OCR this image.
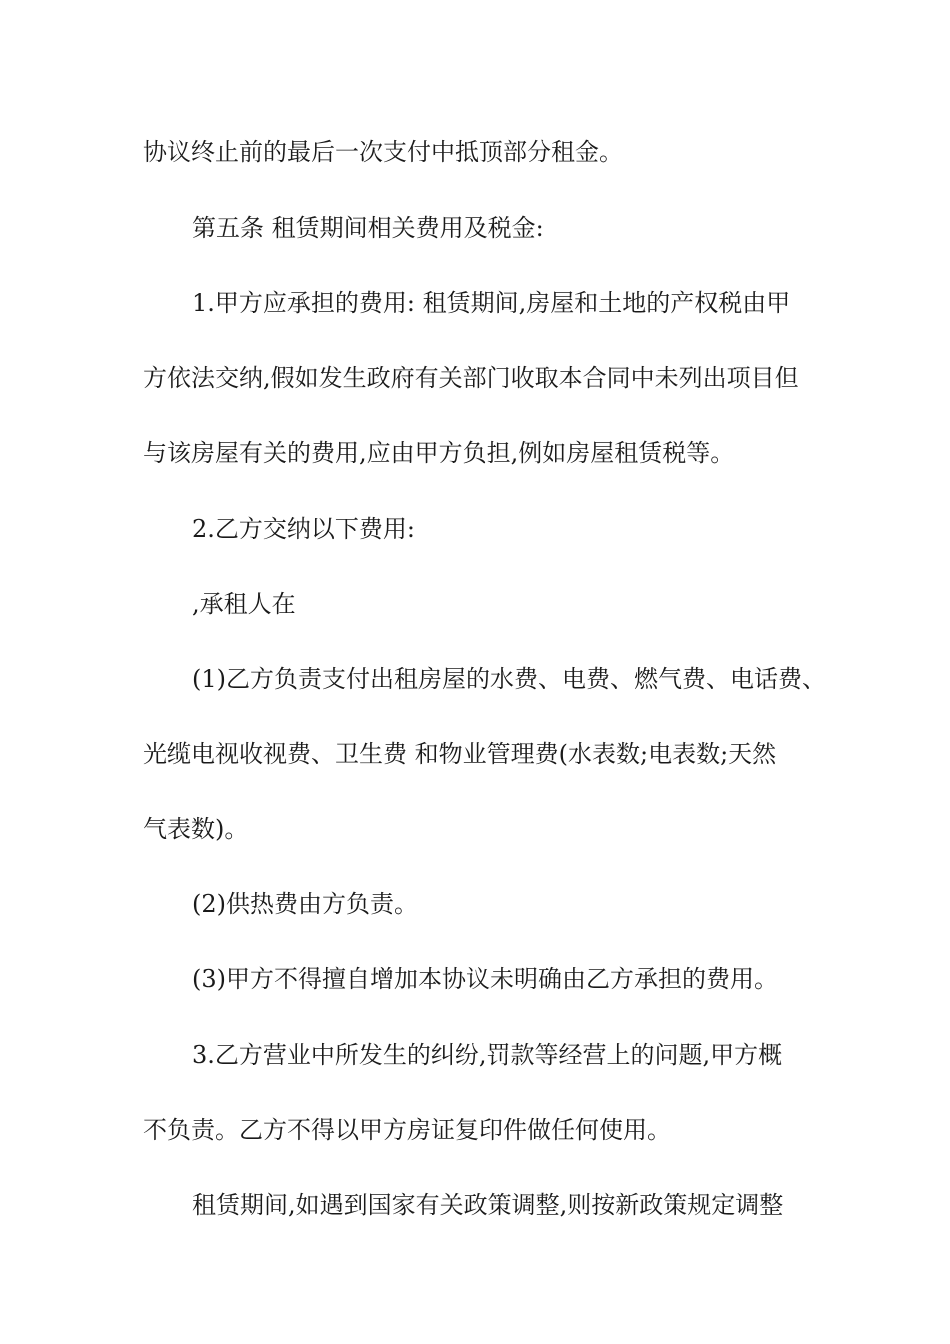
协议终止前的最后一次支付中抵顶部分租金。
第五条 租赁期间相关费用及税金:
1.甲方应承担的费用: 租赁期间,房屋和土地的产权税由甲
方依法交纳,假如发生政府有关部门收取本合同中未列出项目但
与该房屋有关的费用,应由甲方负担,例如房屋租赁税等。
2.乙方交纳以下费用:
,承租人在
(1)乙方负责支付出租房屋的水费、电费、燃气费、电话费、
光缆电视收视费、卫生费 和物业管理费(水表数;电表数;天然
气表数)。
(2)供热费由方负责。
(3)甲方不得擅自增加本协议未明确由乙方承担的费用。
3.乙方营业中所发生的纠纷,罚款等经营上的问题,甲方概
不负责。乙方不得以甲方房证复印件做任何使用。
租赁期间,如遇到国家有关政策调整,则按新政策规定调整
